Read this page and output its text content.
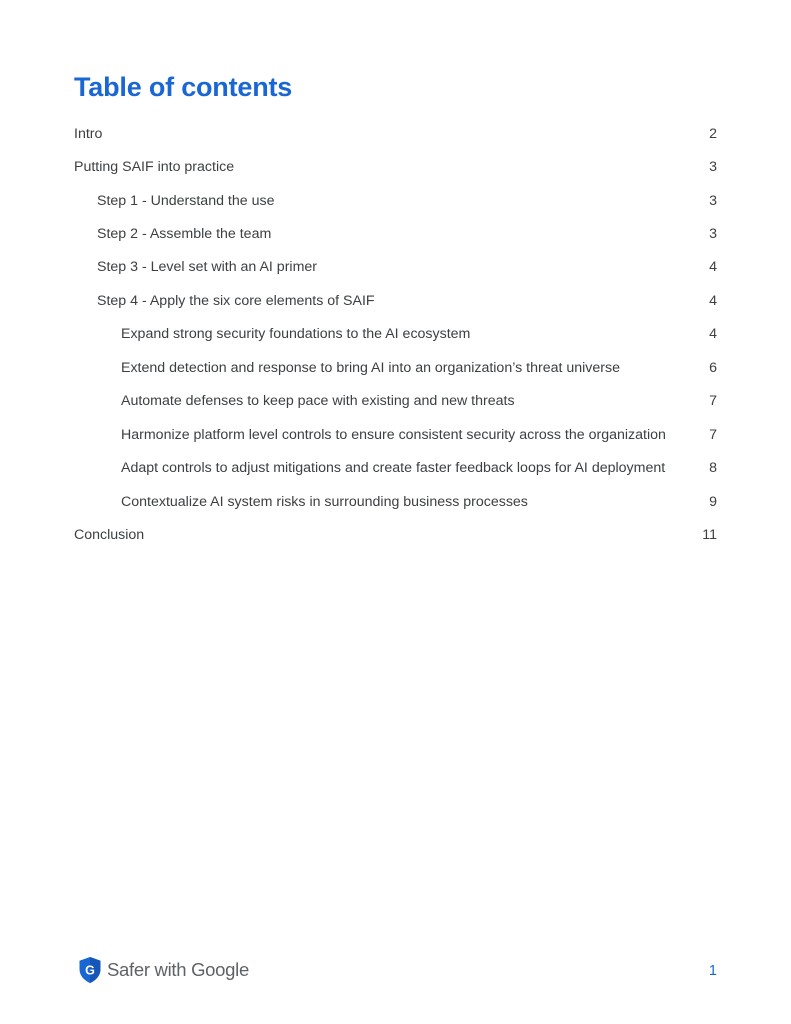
Table of contents
Intro	2
Putting SAIF into practice	3
Step 1 - Understand the use	3
Step 2 - Assemble the team	3
Step 3 - Level set with an AI primer	4
Step 4 - Apply the six core elements of SAIF	4
Expand strong security foundations to the AI ecosystem	4
Extend detection and response to bring AI into an organization’s threat universe	6
Automate defenses to keep pace with existing and new threats	7
Harmonize platform level controls to ensure consistent security across the organization	7
Adapt controls to adjust mitigations and create faster feedback loops for AI deployment	8
Contextualize AI system risks in surrounding business processes	9
Conclusion	11
G Safer with Google	1
